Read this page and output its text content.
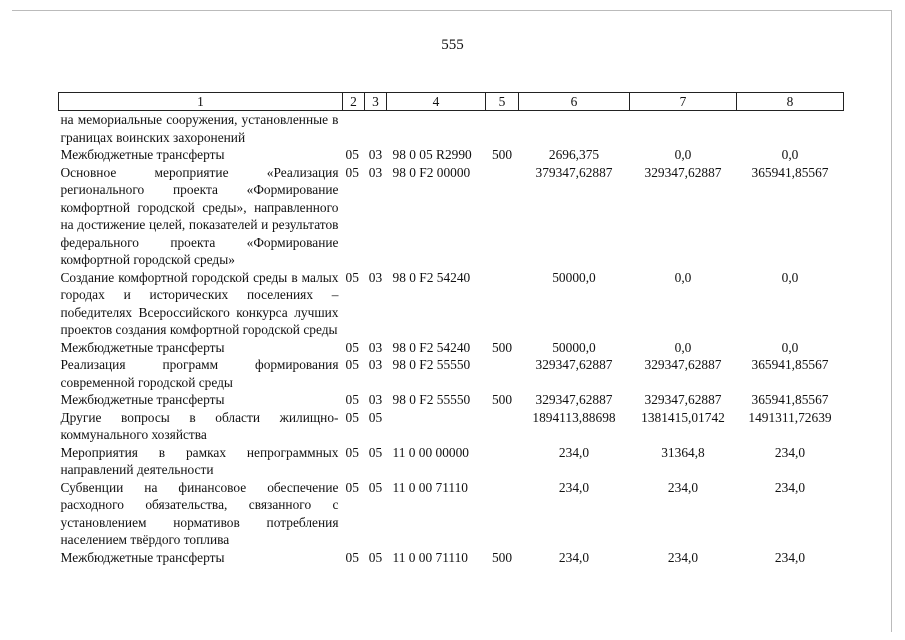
555
1	2	3	4	5	6	7	8
на мемориальные сооружения, установленные в границах воинских захоронений							
Межбюджетные трансферты	05	03	98 0 05 R2990	500	2696,375	0,0	0,0
Основное мероприятие «Реализация регионального проекта «Формирование комфортной городской среды», направленного на достижение целей, показателей и результатов федерального проекта «Формирование комфортной городской среды»	05	03	98 0 F2 00000		379347,62887	329347,62887	365941,85567
Создание комфортной городской среды в малых городах и исторических поселениях – победителях Всероссийского конкурса лучших проектов создания комфортной городской среды	05	03	98 0 F2 54240		50000,0	0,0	0,0
Межбюджетные трансферты	05	03	98 0 F2 54240	500	50000,0	0,0	0,0
Реализация программ формирования современной городской среды	05	03	98 0 F2 55550		329347,62887	329347,62887	365941,85567
Межбюджетные трансферты	05	03	98 0 F2 55550	500	329347,62887	329347,62887	365941,85567
Другие вопросы в области жилищно-коммунального хозяйства	05	05			1894113,88698	1381415,01742	1491311,72639
Мероприятия в рамках непрограммных направлений деятельности	05	05	11 0 00 00000		234,0	31364,8	234,0
Субвенции на финансовое обеспечение расходного обязательства, связанного с установлением нормативов потребления населением твёрдого топлива	05	05	11 0 00 71110		234,0	234,0	234,0
Межбюджетные трансферты	05	05	11 0 00 71110	500	234,0	234,0	234,0
